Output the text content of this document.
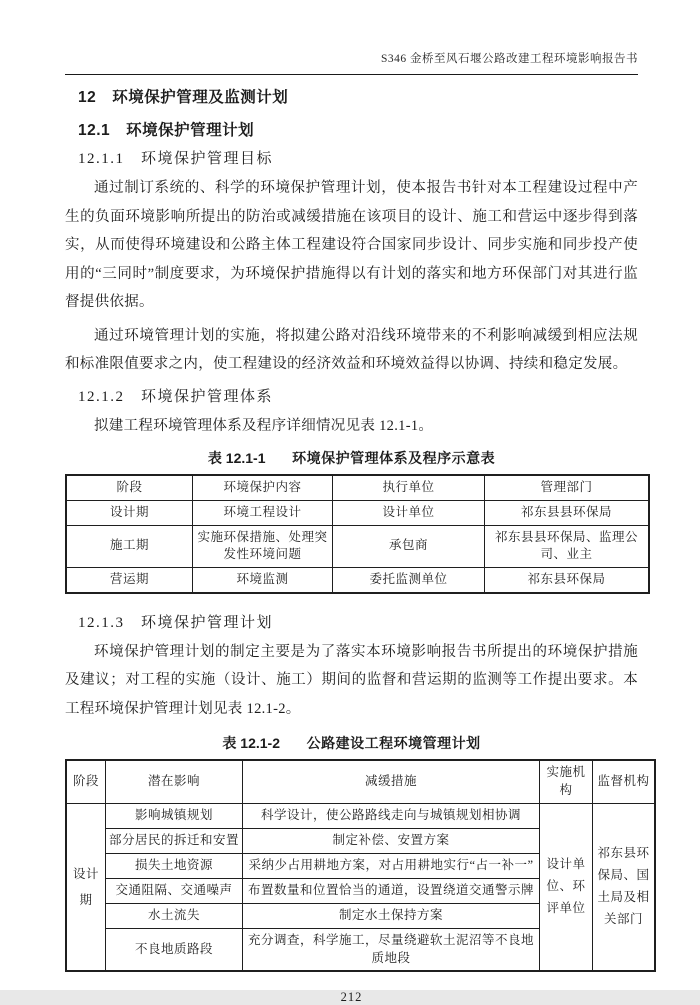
S346 金桥至风石堰公路改建工程环境影响报告书
12　环境保护管理及监测计划
12.1　环境保护管理计划
12.1.1　环境保护管理目标

通过制订系统的、科学的环境保护管理计划，使本报告书针对本工程建设过程中产生的负面环境影响所提出的防治或减缓措施在该项目的设计、施工和营运中逐步得到落实，从而使得环境建设和公路主体工程建设符合国家同步设计、同步实施和同步投产使用的“三同时”制度要求，为环境保护措施得以有计划的落实和地方环保部门对其进行监督提供依据。

通过环境管理计划的实施，将拟建公路对沿线环境带来的不利影响减缓到相应法规和标准限值要求之内，使工程建设的经济效益和环境效益得以协调、持续和稳定发展。

12.1.2　环境保护管理体系

拟建工程环境管理体系及程序详细情况见表 12.1-1。

表 12.1-1 环境保护管理体系及程序示意表
阶段	环境保护内容	执行单位	管理部门
设计期	环境工程设计	设计单位	祁东县县环保局
施工期	实施环保措施、处理突发性环境问题	承包商	祁东县县环保局、监理公司、业主
营运期	环境监测	委托监测单位	祁东县环保局
12.1.3　环境保护管理计划

环境保护管理计划的制定主要是为了落实本环境影响报告书所提出的环境保护措施及建议；对工程的实施（设计、施工）期间的监督和营运期的监测等工作提出要求。本工程环境保护管理计划见表 12.1-2。

表 12.1-2 公路建设工程环境管理计划
阶段	潜在影响	减缓措施	实施机构	监督机构
设计期	影响城镇规划	科学设计，使公路路线走向与城镇规划相协调	设计单位、环评单位	祁东县环保局、国土局及相关部门
	部分居民的拆迁和安置	制定补偿、安置方案		
	损失土地资源	采纳少占用耕地方案，对占用耕地实行“占一补一”		
	交通阻隔、交通噪声	布置数量和位置恰当的通道，设置绕道交通警示牌		
	水土流失	制定水土保持方案		
	不良地质路段	充分调查，科学施工，尽量绕避软土泥沼等不良地质地段		
212
